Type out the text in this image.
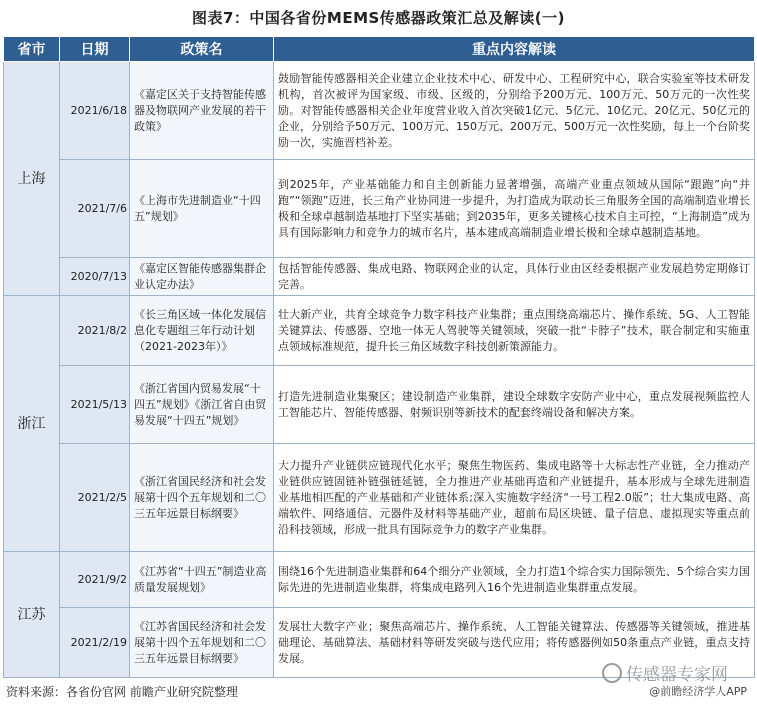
图表7：中国各省份MEMS传感器政策汇总及解读(一)
省市	日期	政策名	重点内容解读
上海	2021/6/18	《嘉定区关于支持智能传感器及物联网产业发展的若干政策》	鼓励智能传感器相关企业建立企业技术中心、研发中心、工程研究中心，联合实验室等技术研发机构，首次被评为国家级、市级、区级的，分别给予200万元、100万元、50万元的一次性奖励。对智能传感器相关企业年度营业收入首次突破1亿元、5亿元、10亿元、20亿元、50亿元的企业，分别给予50万元、100万元、150万元、200万元、500万元一次性奖励，每上一个台阶奖励一次，实施晋档补差。
	2021/7/6	《上海市先进制造业“十四五”规划》	到2025年，产业基础能力和自主创新能力显著增强，高端产业重点领域从国际“跟跑”向“并跑”“领跑”迈进，长三角产业协同进一步提升，为打造成为联动长三角服务全国的高端制造业增长极和全球卓越制造基地打下坚实基础；到2035年，更多关键核心技术自主可控，“上海制造”成为具有国际影响力和竞争力的城市名片，基本建成高端制造业增长极和全球卓越制造基地。
	2020/7/13	《嘉定区智能传感器集群企业认定办法》	包括智能传感器、集成电路、物联网企业的认定，具体行业由区经委根据产业发展趋势定期修订完善。
浙江	2021/8/2	《长三角区域一体化发展信息化专题组三年行动计划（2021-2023年）》	壮大新产业，共育全球竞争力数字科技产业集群；重点围绕高端芯片、操作系统、5G、人工智能关键算法、传感器、空地一体无人驾驶等关键领域，突破一批“卡脖子”技术，联合制定和实施重点领域标准规范，提升长三角区域数字科技创新策源能力。
	2021/5/13	《浙江省国内贸易发展“十四五”规划》《浙江省自由贸易发展“十四五”规划》	打造先进制造业集聚区；建设制造产业集群，建设全球数字安防产业中心，重点发展视频监控人工智能芯片、智能传感器、射频识别等新技术的配套终端设备和解决方案。
	2021/2/5	《浙江省国民经济和社会发展第十四个五年规划和二〇三五年远景目标纲要》	大力提升产业链供应链现代化水平；聚焦生物医药、集成电路等十大标志性产业链，全力推动产业链供应链固链补链强链延链，全力推进产业基础再造和产业链提升，基本形成与全球先进制造业基地相匹配的产业基础和产业链体系;深入实施数字经济“一号工程2.0版”；壮大集成电路、高端软件、网络通信、元器件及材料等基础产业，超前布局区块链、量子信息、虚拟现实等重点前沿科技领域，形成一批具有国际竞争力的数字产业集群。
江苏	2021/9/2	《江苏省“十四五”制造业高质量发展规划》	围绕16个先进制造业集群和64个细分产业领域，全力打造1个综合实力国际领先、5个综合实力国际先进的先进制造业集群，将集成电路列入16个先进制造业集群重点发展。
	2021/2/19	《江苏省国民经济和社会发展第十四个五年规划和二〇三五年远景目标纲要》	发展壮大数字产业；聚焦高端芯片、操作系统、人工智能关键算法、传感器等关键领域，推进基础理论、基础算法、基础材料等研发突破与迭代应用；将传感器例如50条重点产业链，重点支持发展。
传感器专家网
资料来源：各省份官网 前瞻产业研究院整理	@前瞻经济学人APP
